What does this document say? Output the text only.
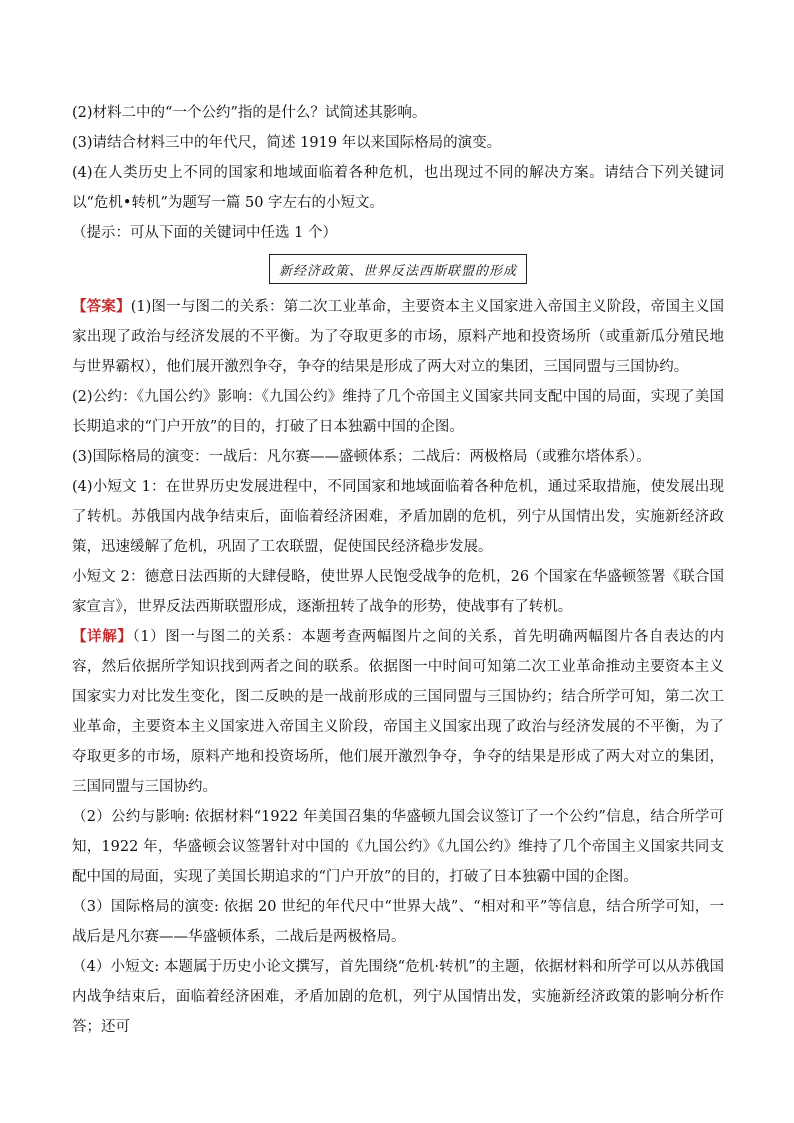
(2)材料二中的“一个公约”指的是什么？试简述其影响。

(3)请结合材料三中的年代尺，简述 1919 年以来国际格局的演变。

(4)在人类历史上不同的国家和地域面临着各种危机，也出现过不同的解决方案。请结合下列关键词以“危机•转机”为题写一篇 50 字左右的小短文。

（提示：可从下面的关键词中任选 1 个）

新经济政策、世界反法西斯联盟的形成

【答案】(1)图一与图二的关系：第二次工业革命，主要资本主义国家进入帝国主义阶段，帝国主义国家出现了政治与经济发展的不平衡。为了夺取更多的市场，原料产地和投资场所（或重新瓜分殖民地与世界霸权），他们展开激烈争夺，争夺的结果是形成了两大对立的集团，三国同盟与三国协约。

(2)公约：《九国公约》影响：《九国公约》维持了几个帝国主义国家共同支配中国的局面，实现了美国长期追求的“门户开放”的目的，打破了日本独霸中国的企图。

(3)国际格局的演变：一战后：凡尔赛——盛顿体系；二战后：两极格局（或雅尔塔体系）。

(4)小短文 1：在世界历史发展进程中，不同国家和地域面临着各种危机，通过采取措施，使发展出现了转机。苏俄国内战争结束后，面临着经济困难，矛盾加剧的危机，列宁从国情出发，实施新经济政策，迅速缓解了危机，巩固了工农联盟，促使国民经济稳步发展。

小短文 2：德意日法西斯的大肆侵略，使世界人民饱受战争的危机，26 个国家在华盛顿签署《联合国家宣言》，世界反法西斯联盟形成，逐渐扭转了战争的形势，使战事有了转机。

【详解】（1）图一与图二的关系：本题考查两幅图片之间的关系，首先明确两幅图片各自表达的内容，然后依据所学知识找到两者之间的联系。依据图一中时间可知第二次工业革命推动主要资本主义国家实力对比发生变化，图二反映的是一战前形成的三国同盟与三国协约；结合所学可知，第二次工业革命，主要资本主义国家进入帝国主义阶段，帝国主义国家出现了政治与经济发展的不平衡，为了夺取更多的市场，原料产地和投资场所，他们展开激烈争夺，争夺的结果是形成了两大对立的集团，三国同盟与三国协约。

（2）公约与影响: 依据材料“1922 年美国召集的华盛顿九国会议签订了一个公约”信息，结合所学可知，1922 年，华盛顿会议签署针对中国的《九国公约》《九国公约》维持了几个帝国主义国家共同支配中国的局面，实现了美国长期追求的“门户开放”的目的，打破了日本独霸中国的企图。

（3）国际格局的演变: 依据 20 世纪的年代尺中“世界大战”、“相对和平”等信息，结合所学可知，一战后是凡尔赛——华盛顿体系，二战后是两极格局。

（4）小短文: 本题属于历史小论文撰写，首先围绕“危机·转机”的主题，依据材料和所学可以从苏俄国内战争结束后，面临着经济困难，矛盾加剧的危机，列宁从国情出发，实施新经济政策的影响分析作答；还可
